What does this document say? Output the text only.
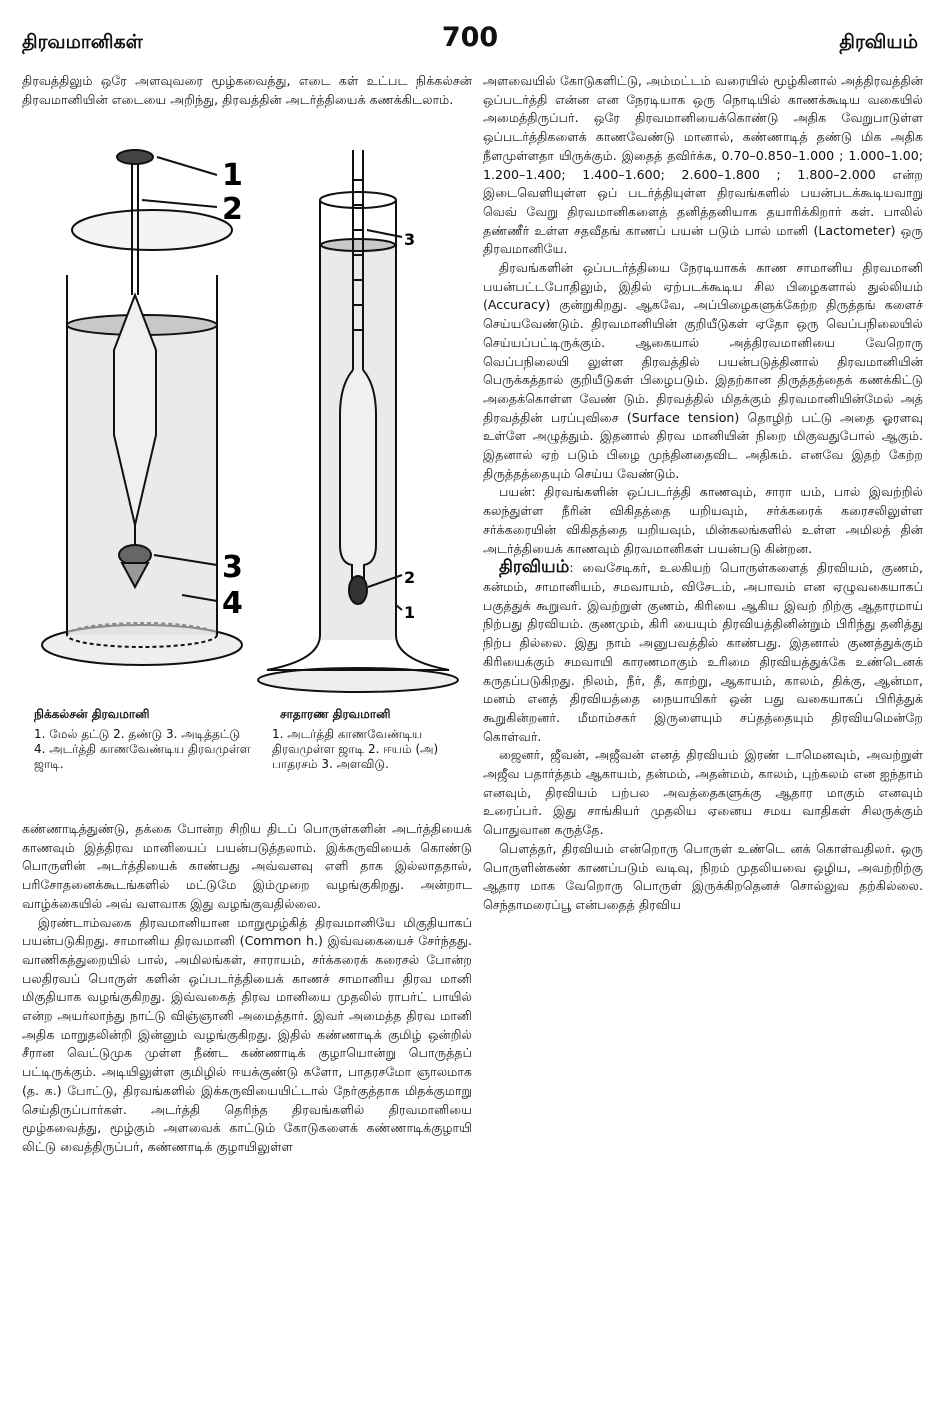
திரவமானிகள்	700	திரவியம்

திரவத்திலும் ஒரே அளவுவரை மூழ்கவைத்து, எடை கள் உட்பட நிக்கல்சன் திரவமானியின் எடையை அறிந்து, திரவத்தின் அடர்த்தியைக் கணக்கிடலாம்.

1
2
3
4
3
2
1
நிக்கல்சன் திரவமானி	சாதாரண திரவமானி
1. மேல் தட்டு 2. தண்டு 3. அடித்தட்டு 4. அடர்த்தி காணவேண்டிய திரவமுள்ள ஜாடி.
1. அடர்த்தி காணவேண்டிய திரவமுள்ள ஜாடி 2. ஈயம் (அ) பாதரசம் 3. அளவிடு.

கண்ணாடித்துண்டு, தக்கை போன்ற சிறிய திடப் பொருள்களின் அடர்த்தியைக் காணவும் இத்திரவ மானியைப் பயன்படுத்தலாம். இக்கருவியைக் கொண்டு பொருளின் அடர்த்தியைக் காண்பது அவ்வளவு எளி தாக இல்லாததால், பரிசோதனைக்கூடங்களில் மட்டுமே இம்முறை வழங்குகிறது. அன்றாட வாழ்க்கையில் அவ் வளவாக இது வழங்குவதில்லை.

இரண்டாம்வகை திரவமானியான மாறுமூழ்கித் திரவமானியே மிகுதியாகப் பயன்படுகிறது. சாமானிய திரவமானி (Common h.) இவ்வகையைச் சேர்ந்தது. வாணிகத்துறையில் பால், அமிலங்கள், சாராயம், சர்க்கரைக் கரைசல் போன்ற பலதிரவப் பொருள் களின் ஒப்படர்த்தியைக் காணச் சாமானிய திரவ மானி மிகுதியாக வழங்குகிறது. இவ்வகைத் திரவ மானியை முதலில் ராபர்ட் பாயில் என்ற அயர்லாந்து நாட்டு விஞ்ஞானி அமைத்தார். இவர் அமைத்த திரவ மானி அதிக மாறுதலின்றி இன்னும் வழங்குகிறது. இதில் கண்ணாடிக் குமிழ் ஒன்றில் சீரான வெட்டுமுக முள்ள நீண்ட கண்ணாடிக் குழாயொன்று பொருத்தப் பட்டிருக்கும். அடியிலுள்ள குமிழில் ஈயக்குண்டு களோ, பாதரசமோ ஞாலமாக (த. க.) போட்டு, திரவங்களில் இக்கருவியையிட்டால் நேர்குத்தாக மிதக்குமாறு செய்திருப்பார்கள். அடர்த்தி தெரிந்த திரவங்களில் திரவமானியை மூழ்கவைத்து, மூழ்கும் அளவைக் காட்டும் கோடுகளைக் கண்ணாடிக்குழாயி லிட்டு வைத்திருப்பர், கண்ணாடிக் குழாயிலுள்ள

அளவையில் கோடுகளிட்டு, அம்மட்டம் வரையில் மூழ்கினால் அத்திரவத்தின் ஒப்படர்த்தி என்ன என நேரடியாக ஒரு நொடியில் காணக்கூடிய வகையில் அமைத்திருப்பர். ஒரே திரவமானியைக்கொண்டு அதிக வேறுபாடுள்ள ஒப்படர்த்திகளைக் காணவேண்டு மானால், கண்ணாடித் தண்டு மிக அதிக நீளமுள்ளதா யிருக்கும். இதைத் தவிர்க்க, 0.70–0.850–1.000 ; 1.000–1.00; 1.200–1.400; 1.400–1.600; 2.600–1.800 ; 1.800–2.000 என்ற இடைவெளியுள்ள ஒப் படர்த்தியுள்ள திரவங்களில் பயன்படக்கூடியவாறு வெவ் வேறு திரவமானிகளைத் தனித்தனியாக தயாரிக்கிறார் கள். பாலில் தண்ணீர் உள்ள சதவீதங் காணப் பயன் படும் பால் மானி (Lactometer) ஒரு திரவமானியே.

திரவங்களின் ஒப்படர்த்தியை நேரடியாகக் காண சாமானிய திரவமானி பயன்பட்டபோதிலும், இதில் ஏற்படக்கூடிய சில பிழைகளால் துல்லியம் (Accuracy) குன்றுகிறது. ஆகவே, அப்பிழைகளுக்கேற்ற திருத்தங் களைச் செய்யவேண்டும். திரவமானியின் குறியீடுகள் ஏதோ ஒரு வெப்பநிலையில் செய்யப்பட்டிருக்கும். ஆகையால் அத்திரவமானியை வேறொரு வெப்பநிலையி லுள்ள திரவத்தில் பயன்படுத்தினால் திரவமானியின் பெருக்கத்தால் குறியீடுகள் பிழைபடும். இதற்கான திருத்தத்தைக் கணக்கிட்டு அதைக்கொள்ள வேண் டும். திரவத்தில் மிதக்கும் திரவமானியின்மேல் அத் திரவத்தின் பரப்புவிசை (Surface tension) தொழிற் பட்டு அதை ஓரளவு உள்ளே அழுத்தும். இதனால் திரவ மானியின் நிறை மிகுவதுபோல் ஆகும். இதனால் ஏற் படும் பிழை முந்தினதைவிட அதிகம். எனவே இதற் கேற்ற திருத்தத்தையும் செய்ய வேண்டும்.

பயன்: திரவங்களின் ஒப்படர்த்தி காணவும், சாரா யம், பால் இவற்றில் கலந்துள்ள நீரின் விகிதத்தை யறியவும், சர்க்கரைக் கரைசலிலுள்ள சர்க்கரையின் விகிதத்தை யறியவும், மின்கலங்களில் உள்ள அமிலத் தின் அடர்த்தியைக் காணவும் திரவமானிகள் பயன்படு கின்றன.

திரவியம்: வைசேடிகர், உலகியற் பொருள்களைத் திரவியம், குணம், கன்மம், சாமானியம், சமவாயம், விசேடம், அபாவம் என ஏழுவகையாகப் பகுத்துக் கூறுவர். இவற்றுள் குணம், கிரியை ஆகிய இவற் றிற்கு ஆதாரமாய் நிற்பது திரவியம். குணமும், கிரி யையும் திரவியத்தினின்றும் பிரிந்து தனித்து நிற்ப தில்லை. இது நாம் அனுபவத்தில் காண்பது. இதனால் குணத்துக்கும் கிரியைக்கும் சமவாயி காரணமாகும் உரிமை திரவியத்துக்கே உண்டெனக் கருதப்படுகிறது. நிலம், நீர், தீ, காற்று, ஆகாயம், காலம், திக்கு, ஆன்மா, மனம் எனத் திரவியத்தை நையாயிகர் ஒன் பது வகையாகப் பிரித்துக் கூறுகின்றனர். மீமாம்சகர் இருளையும் சப்தத்தையும் திரவியமென்றே கொள்வர்.

ஜைனர், ஜீவன், அஜீவன் எனத் திரவியம் இரண் டாமெனவும், அவற்றுள் அஜீவ பதார்த்தம் ஆகாயம், தன்மம், அதன்மம், காலம், புற்கலம் என ஐந்தாம் எனவும், திரவியம் பற்பல அவத்தைகளுக்கு ஆதார மாகும் எனவும் உரைப்பர். இது சாங்கியர் முதலிய ஏனைய சமய வாதிகள் சிலருக்கும் பொதுவான கருத்தே.

பௌத்தர், திரவியம் என்றொரு பொருள் உண்டெ னக் கொள்வதிலர். ஒரு பொருளின்கண் காணப்படும் வடிவு, நிறம் முதலியவை ஒழிய, அவற்றிற்கு ஆதார மாக வேறொரு பொருள் இருக்கிறதெனச் சொல்லுவ தற்கில்லை. செந்தாமரைப்பூ என்பதைத் திரவிய
